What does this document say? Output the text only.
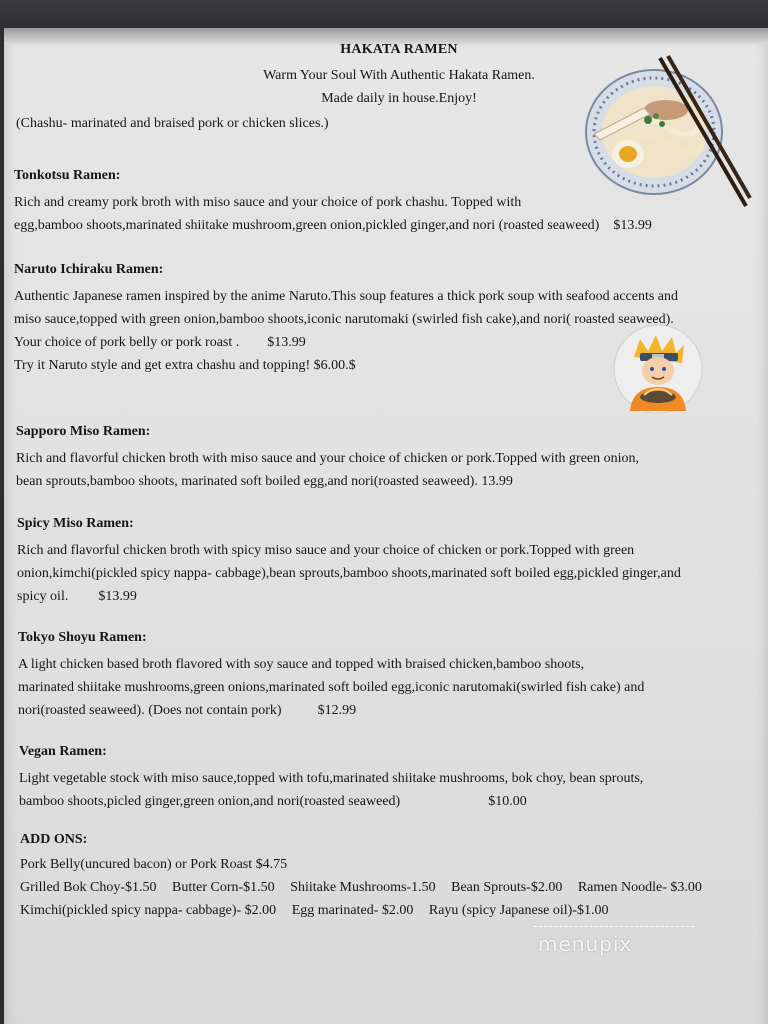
HAKATA RAMEN
Warm Your Soul With Authentic Hakata Ramen.
Made daily in house.Enjoy!
(Chashu- marinated and braised pork or chicken slices.)
Tonkotsu Ramen:
Rich and creamy pork broth with miso sauce and your choice of pork chashu. Topped with
egg,bamboo shoots,marinated shiitake mushroom,green onion,pickled ginger,and nori (roasted seaweed) $13.99
Naruto Ichiraku Ramen:
Authentic Japanese ramen inspired by the anime Naruto.This soup features a thick pork soup with seafood accents and
miso sauce,topped with green onion,bamboo shoots,iconic narutomaki (swirled fish cake),and nori( roasted seaweed).
Your choice of pork belly or pork roast . $13.99
Try it Naruto style and get extra chashu and topping! $6.00.$
Sapporo Miso Ramen:
Rich and flavorful chicken broth with miso sauce and your choice of chicken or pork.Topped with green onion,
bean sprouts,bamboo shoots, marinated soft boiled egg,and nori(roasted seaweed). 13.99
Spicy Miso Ramen:
Rich and flavorful chicken broth with spicy miso sauce and your choice of chicken or pork.Topped with green
onion,kimchi(pickled spicy nappa- cabbage),bean sprouts,bamboo shoots,marinated soft boiled egg,pickled ginger,and
spicy oil. $13.99
Tokyo Shoyu Ramen:
A light chicken based broth flavored with soy sauce and topped with braised chicken,bamboo shoots,
marinated shiitake mushrooms,green onions,marinated soft boiled egg,iconic narutomaki(swirled fish cake) and
nori(roasted seaweed). (Does not contain pork)	$12.99
Vegan Ramen:
Light vegetable stock with miso sauce,topped with tofu,marinated shiitake mushrooms, bok choy, bean sprouts,
bamboo shoots,picled ginger,green onion,and nori(roasted seaweed)	$10.00
ADD ONS:
Pork Belly(uncured bacon) or Pork Roast $4.75
Grilled Bok Choy-$1.50 Butter Corn-$1.50 Shiitake Mushrooms-1.50 Bean Sprouts-$2.00 Ramen Noodle- $3.00
Kimchi(pickled spicy nappa- cabbage)- $2.00 Egg marinated- $2.00 Rayu (spicy Japanese oil)-$1.00
menupix
